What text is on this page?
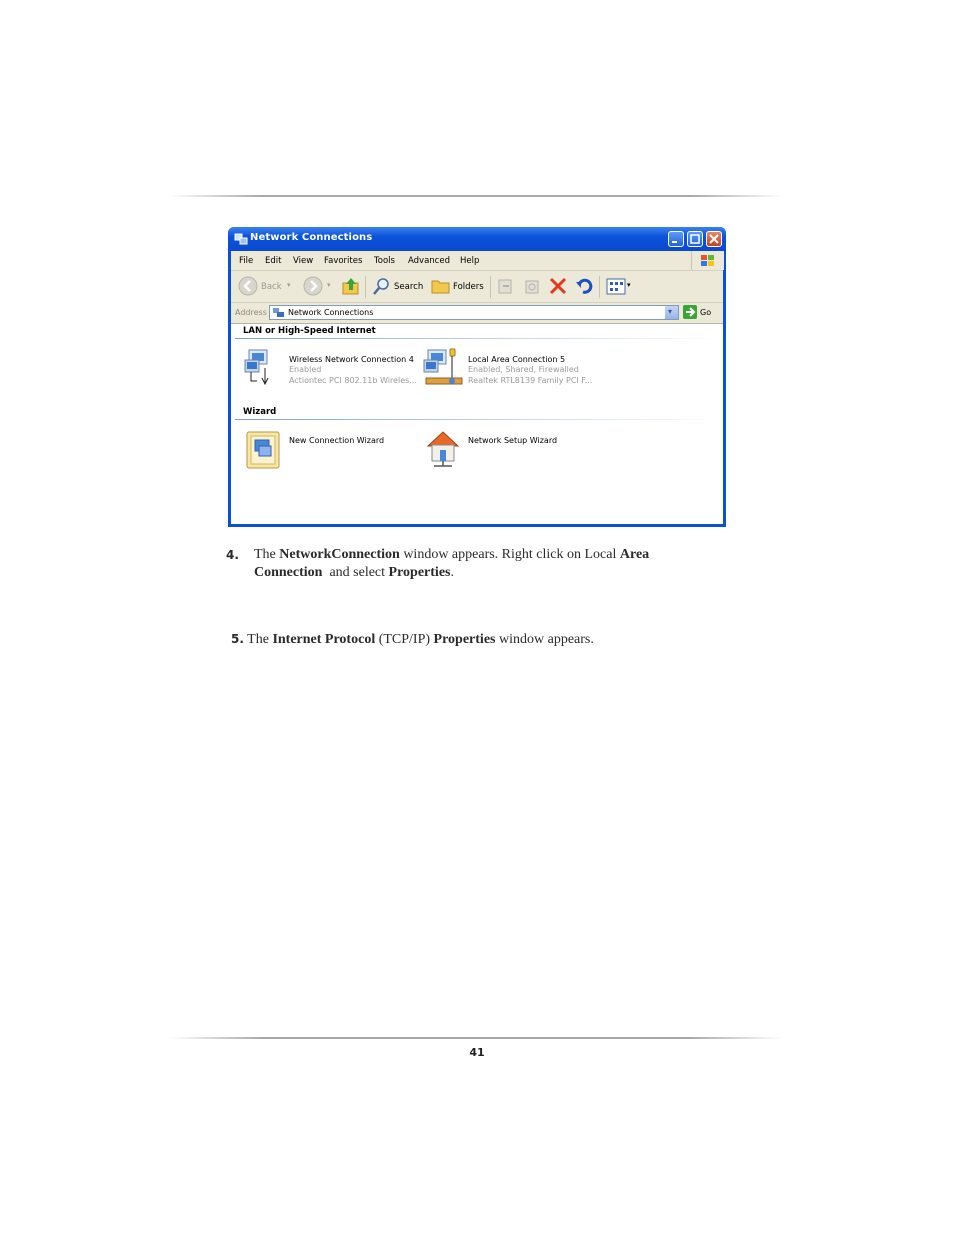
Network Connections
File Edit View Favorites Tools Advanced Help
Back ▾	▾	Search	Folders	▾
Address	Network Connections	▾	Go
LAN or High-Speed Internet
Wireless Network Connection 4
Enabled
Actiontec PCI 802.11b Wireles...
Local Area Connection 5
Enabled, Shared, Firewalled
Realtek RTL8139 Family PCI F...
Wizard
New Connection Wizard	Network Setup Wizard
4. The NetworkConnection window appears. Right click on Local Area
Connection  and select Properties.
5. The Internet Protocol (TCP/IP) Properties window appears.
41
